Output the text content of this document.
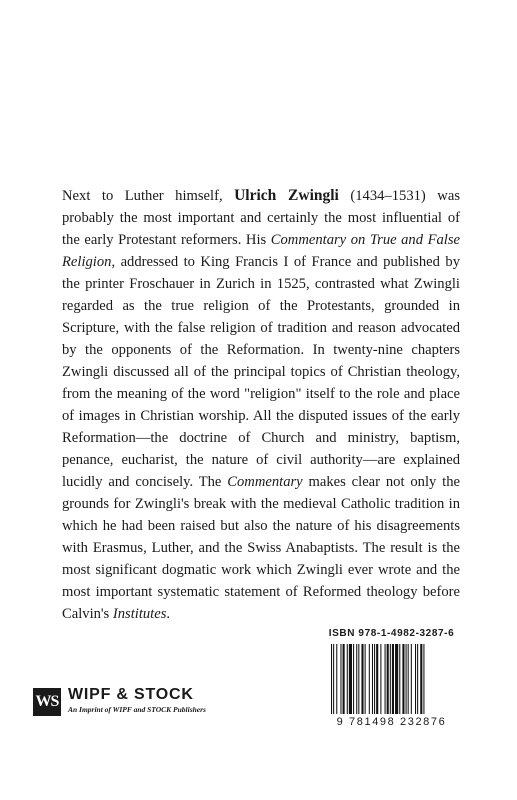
Next to Luther himself, Ulrich Zwingli (1434–1531) was probably the most important and certainly the most influential of the early Protestant reformers. His Commentary on True and False Religion, addressed to King Francis I of France and published by the printer Froschauer in Zurich in 1525, contrasted what Zwingli regarded as the true religion of the Protestants, grounded in Scripture, with the false religion of tradition and reason advocated by the opponents of the Reformation. In twenty-nine chapters Zwingli discussed all of the principal topics of Christian theology, from the meaning of the word "religion" itself to the role and place of images in Christian worship. All the disputed issues of the early Reformation—the doctrine of Church and ministry, baptism, penance, eucharist, the nature of civil authority—are explained lucidly and concisely. The Commentary makes clear not only the grounds for Zwingli's break with the medieval Catholic tradition in which he had been raised but also the nature of his disagreements with Erasmus, Luther, and the Swiss Anabaptists. The result is the most significant dogmatic work which Zwingli ever wrote and the most important systematic statement of Reformed theology before Calvin's Institutes.
WS WIPF & STOCK
An Imprint of WIPF and STOCK Publishers
ISBN 978-1-4982-3287-6
9 781498 232876
